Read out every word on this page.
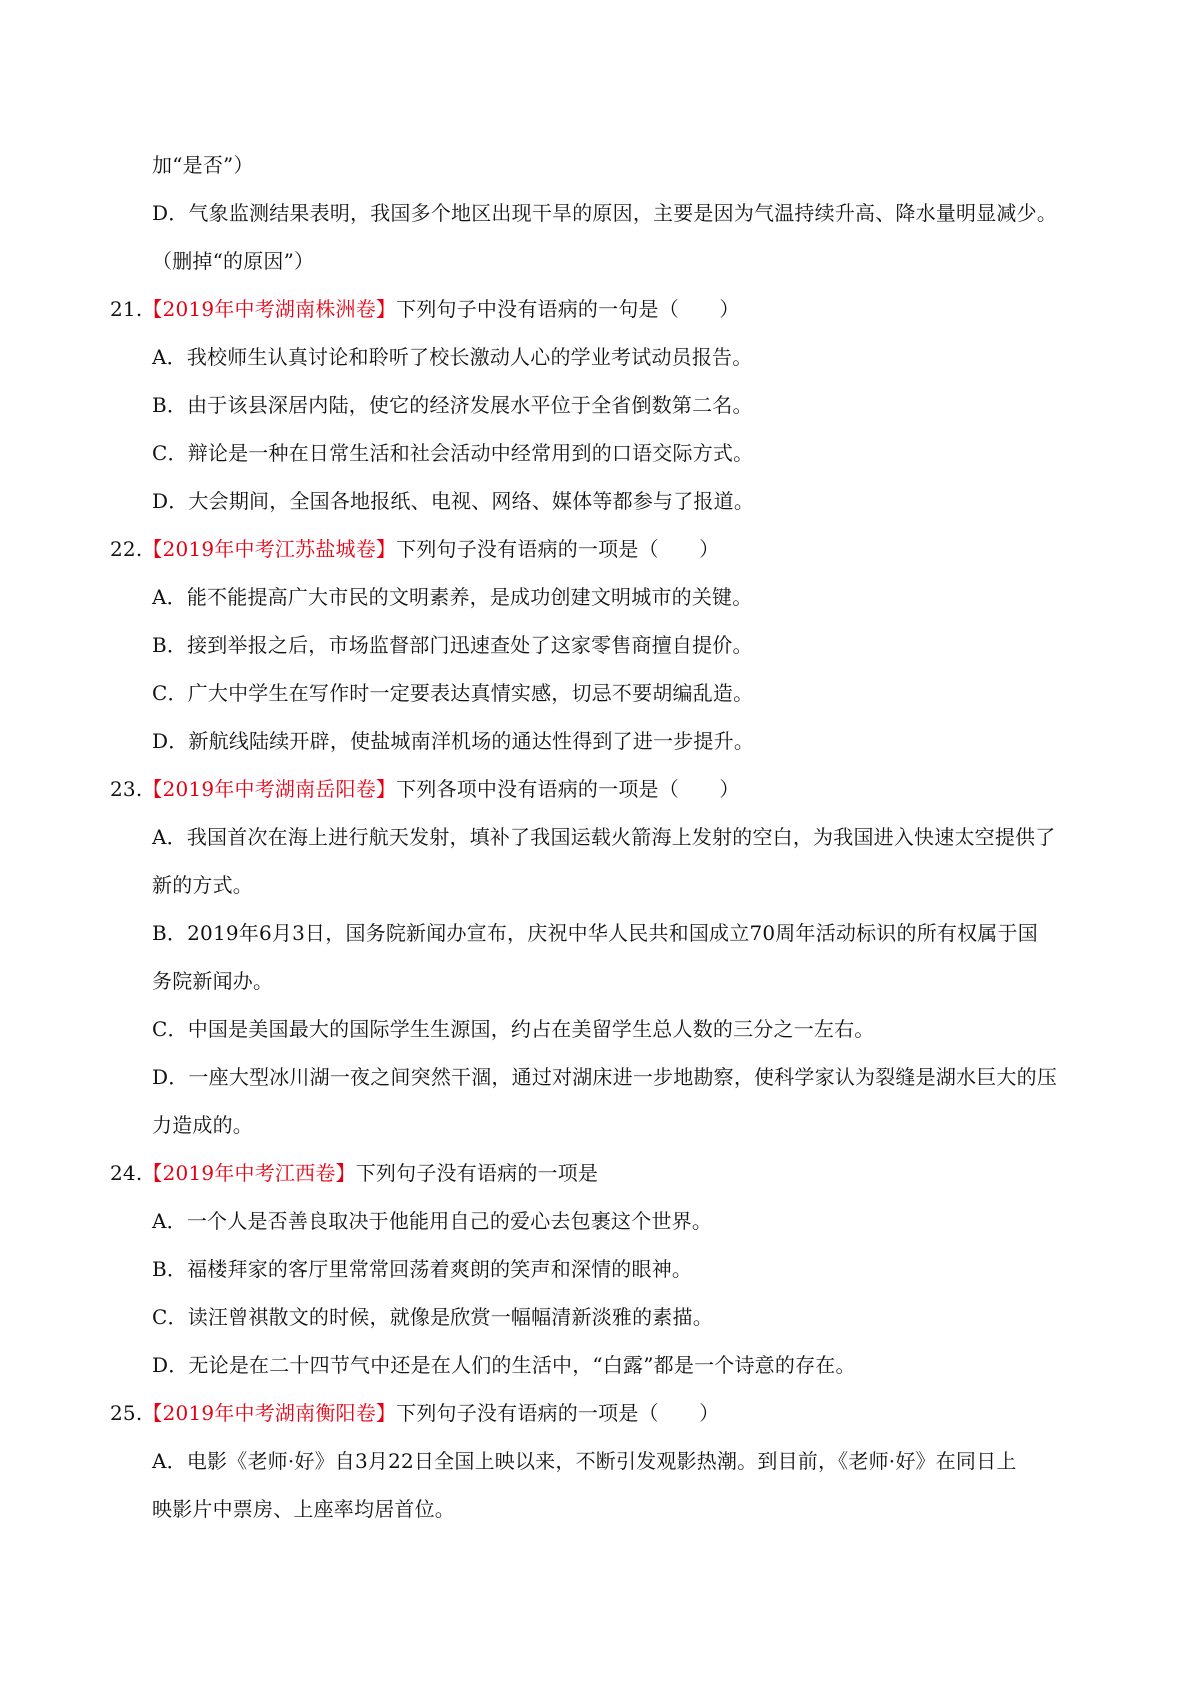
加“是否”）
D．气象监测结果表明，我国多个地区出现干旱的原因，主要是因为气温持续升高、降水量明显减少。
（删掉“的原因”）
21.【2019年中考湖南株洲卷】下列句子中没有语病的一句是（　　）
A．我校师生认真讨论和聆听了校长激动人心的学业考试动员报告。
B．由于该县深居内陆，使它的经济发展水平位于全省倒数第二名。
C．辩论是一种在日常生活和社会活动中经常用到的口语交际方式。
D．大会期间，全国各地报纸、电视、网络、媒体等都参与了报道。
22.【2019年中考江苏盐城卷】下列句子没有语病的一项是（　　）
A．能不能提高广大市民的文明素养，是成功创建文明城市的关键。
B．接到举报之后，市场监督部门迅速查处了这家零售商擅自提价。
C．广大中学生在写作时一定要表达真情实感，切忌不要胡编乱造。
D．新航线陆续开辟，使盐城南洋机场的通达性得到了进一步提升。
23.【2019年中考湖南岳阳卷】下列各项中没有语病的一项是（　　）
A．我国首次在海上进行航天发射，填补了我国运载火箭海上发射的空白，为我国进入快速太空提供了
新的方式。
B．2019年6月3日，国务院新闻办宣布，庆祝中华人民共和国成立70周年活动标识的所有权属于国
务院新闻办。
C．中国是美国最大的国际学生生源国，约占在美留学生总人数的三分之一左右。
D．一座大型冰川湖一夜之间突然干涸，通过对湖床进一步地勘察，使科学家认为裂缝是湖水巨大的压
力造成的。
24.【2019年中考江西卷】下列句子没有语病的一项是
A．一个人是否善良取决于他能用自己的爱心去包裹这个世界。
B．福楼拜家的客厅里常常回荡着爽朗的笑声和深情的眼神。
C．读汪曾祺散文的时候，就像是欣赏一幅幅清新淡雅的素描。
D．无论是在二十四节气中还是在人们的生活中，“白露”都是一个诗意的存在。
25.【2019年中考湖南衡阳卷】下列句子没有语病的一项是（　　）
A．电影《老师·好》自3月22日全国上映以来，不断引发观影热潮。到目前，《老师·好》在同日上
映影片中票房、上座率均居首位。
